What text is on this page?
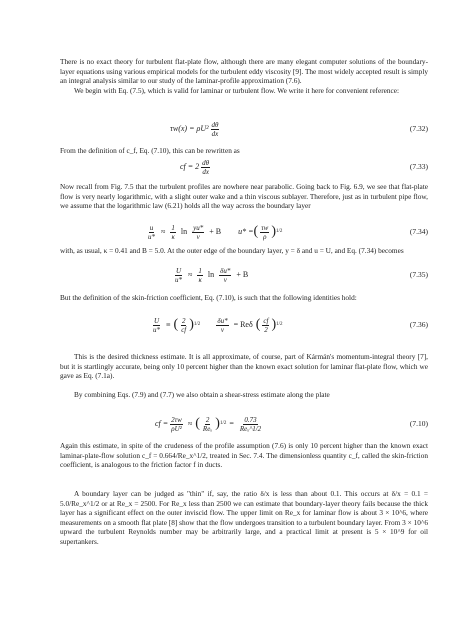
There is no exact theory for turbulent flat-plate flow, although there are many elegant computer solutions of the boundary-layer equations using various empirical models for the turbulent eddy viscosity [9]. The most widely accepted result is simply an integral analysis similar to our study of the laminar-profile approximation (7.6).

We begin with Eq. (7.5), which is valid for laminar or turbulent flow. We write it here for convenient reference:

$\tau w(x) = \rho U^2 \frac{d\theta}{dx}$	(7.32)

From the definition of c_f, Eq. (7.10), this can be rewritten as

cf = $2 \frac{d\theta}{dx}$	(7.33)

Now recall from Fig. 7.5 that the turbulent profiles are nowhere near parabolic. Going back to Fig. 6.9, we see that flat-plate flow is very nearly logarithmic, with a slight outer wake and a thin viscous sublayer. Therefore, just as in turbulent pipe flow, we assume that the logarithmic law (6.21) holds all the way across the boundary layer

$\frac{u}{u*} \approx \frac{1}{\kappa}$ $\ln \frac{yu*}{\nu} + B$ u* = ( $\frac{\tau w}{\rho}$ ) 1/2	(7.34)

with, as usual, κ = 0.41 and B = 5.0. At the outer edge of the boundary layer, y = δ and u = U, and Eq. (7.34) becomes

$\frac{U}{u*} \approx \frac{1}{\kappa}$ $\ln \frac{\delta u*}{\nu} + B$	(7.35)

But the definition of the skin-friction coefficient, Eq. (7.10), is such that the following identities hold:

$\frac{U}{u*}$ ≡ ( $\frac{2}{cf}$ ) $1/2 \frac{\delta u*}{\nu} = Re\delta$ ( $\frac{cf}{2}$ ) 1/2	(7.36)

This is the desired thickness estimate. It is all approximate, of course, part of Kármán's momentum-integral theory [7], but it is startlingly accurate, being only 10 percent higher than the known exact solution for laminar flat-plate flow, which we gave as Eq. (7.1a).

By combining Eqs. (7.9) and (7.7) we also obtain a shear-stress estimate along the plate

cf = $\frac{2\tau w}{\text{ρU²}}$ ≈ ( $\frac{2}{\text{Reₓ}}$ ) $1/2 = \frac{0.73}{\text{Reₓ\textasciicircum{}1/2}}$	(7.10)

Again this estimate, in spite of the crudeness of the profile assumption (7.6) is only 10 percent higher than the known exact laminar-plate-flow solution c_f = 0.664/Re_x^1/2, treated in Sec. 7.4. The dimensionless quantity c_f, called the skin-friction coefficient, is analogous to the friction factor f in ducts.

A boundary layer can be judged as "thin" if, say, the ratio δ/x is less than about 0.1. This occurs at δ/x = 0.1 = 5.0/Re_x^1/2 or at Re_x = 2500. For Re_x less than 2500 we can estimate that boundary-layer theory fails because the thick layer has a significant effect on the outer inviscid flow. The upper limit on Re_x for laminar flow is about 3 × 10^6, where measurements on a smooth flat plate [8] show that the flow undergoes transition to a turbulent boundary layer. From 3 × 10^6 upward the turbulent Reynolds number may be arbitrarily large, and a practical limit at present is 5 × 10^9 for oil supertankers.
